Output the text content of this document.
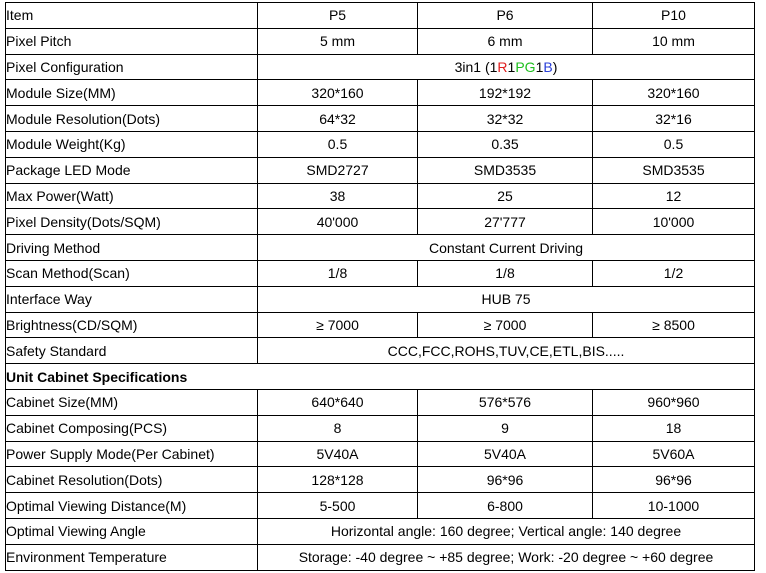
Item	P5	P6	P10
Pixel Pitch	5 mm	6 mm	10 mm
Pixel Configuration	3in1 (1R1PG1B)		
Module Size(MM)	320*160	192*192	320*160
Module Resolution(Dots)	64*32	32*32	32*16
Module Weight(Kg)	0.5	0.35	0.5
Package LED Mode	SMD2727	SMD3535	SMD3535
Max Power(Watt)	38	25	12
Pixel Density(Dots/SQM)	40'000	27'777	10'000
Driving Method	Constant Current Driving		
Scan Method(Scan)	1/8	1/8	1/2
Interface Way	HUB 75		
Brightness(CD/SQM)	≥ 7000	≥ 7000	≥ 8500
Safety Standard	CCC,FCC,ROHS,TUV,CE,ETL,BIS.....		
Unit Cabinet Specifications			
Cabinet Size(MM)	640*640	576*576	960*960
Cabinet Composing(PCS)	8	9	18
Power Supply Mode(Per Cabinet)	5V40A	5V40A	5V60A
Cabinet Resolution(Dots)	128*128	96*96	96*96
Optimal Viewing Distance(M)	5-500	6-800	10-1000
Optimal Viewing Angle	Horizontal angle: 160 degree; Vertical angle: 140 degree		
Environment Temperature	Storage: -40 degree ~ +85 degree; Work: -20 degree ~ +60 degree		
